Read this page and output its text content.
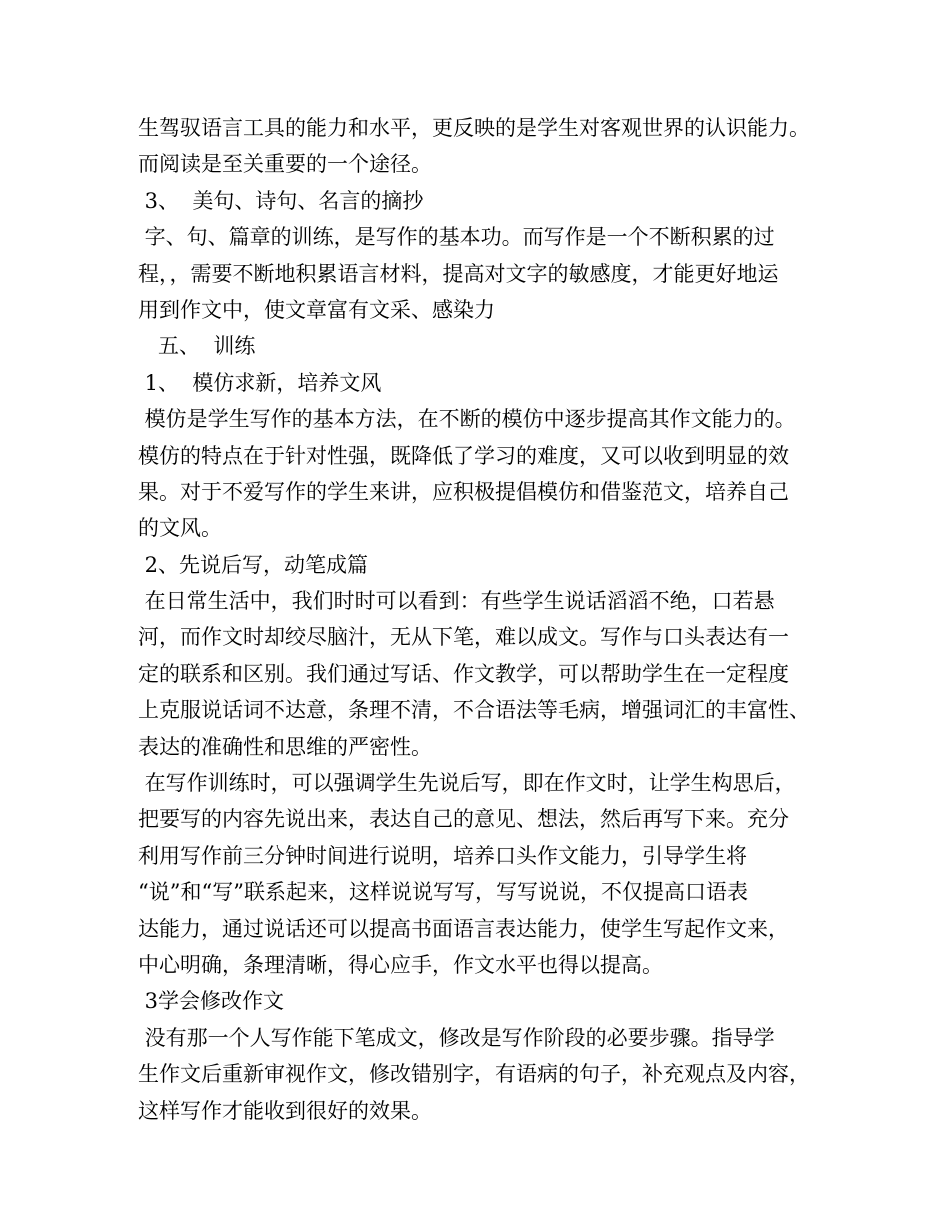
生驾驭语言工具的能力和水平，更反映的是学生对客观世界的认识能力。
而阅读是至关重要的一个途径。
3、  美句、诗句、名言的摘抄
字、句、篇章的训练，是写作的基本功。而写作是一个不断积累的过
程，，需要不断地积累语言材料，提高对文字的敏感度，才能更好地运
用到作文中，使文章富有文采、感染力
五、  训练
1、  模仿求新，培养文风
模仿是学生写作的基本方法，在不断的模仿中逐步提高其作文能力的。
模仿的特点在于针对性强，既降低了学习的难度，又可以收到明显的效
果。对于不爱写作的学生来讲，应积极提倡模仿和借鉴范文，培养自己
的文风。
2、先说后写，动笔成篇
在日常生活中，我们时时可以看到：有些学生说话滔滔不绝，口若悬
河，而作文时却绞尽脑汁，无从下笔，难以成文。写作与口头表达有一
定的联系和区别。我们通过写话、作文教学，可以帮助学生在一定程度
上克服说话词不达意，条理不清，不合语法等毛病，增强词汇的丰富性、
表达的准确性和思维的严密性。
在写作训练时，可以强调学生先说后写，即在作文时，让学生构思后，
把要写的内容先说出来，表达自己的意见、想法，然后再写下来。充分
利用写作前三分钟时间进行说明，培养口头作文能力，引导学生将
“说”和“写”联系起来，这样说说写写，写写说说，不仅提高口语表
达能力，通过说话还可以提高书面语言表达能力，使学生写起作文来，
中心明确，条理清晰，得心应手，作文水平也得以提高。
3学会修改作文
没有那一个人写作能下笔成文，修改是写作阶段的必要步骤。指导学
生作文后重新审视作文，修改错别字，有语病的句子，补充观点及内容，
这样写作才能收到很好的效果。
